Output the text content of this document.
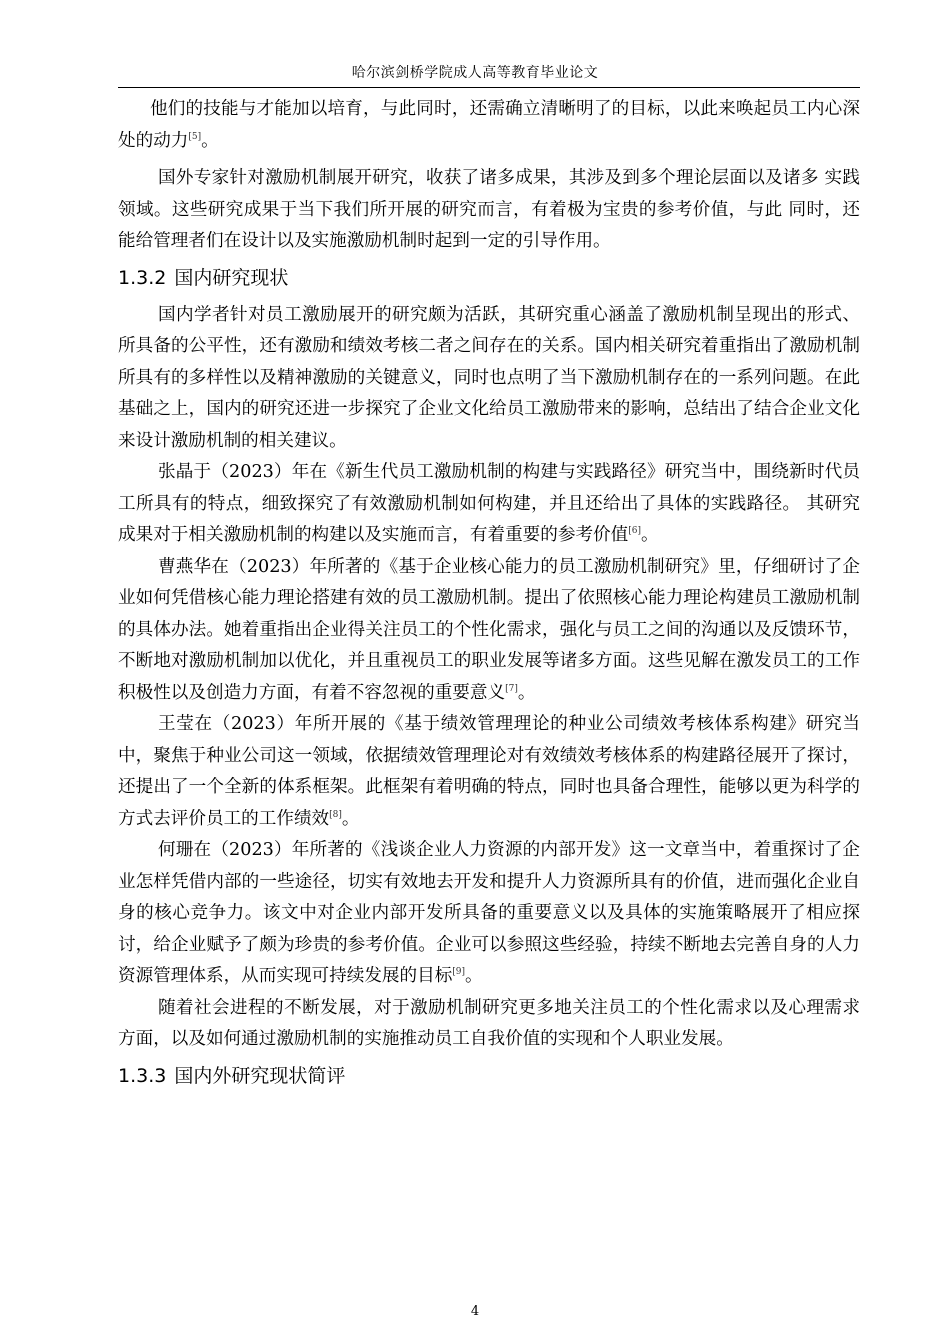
哈尔滨剑桥学院成人高等教育毕业论文

他们的技能与才能加以培育，与此同时，还需确立清晰明了的目标，以此来唤起员工内心深处的动力[5]。

国外专家针对激励机制展开研究，收获了诸多成果，其涉及到多个理论层面以及诸多 实践领域。这些研究成果于当下我们所开展的研究而言，有着极为宝贵的参考价值，与此 同时，还能给管理者们在设计以及实施激励机制时起到一定的引导作用。

1.3.2 国内研究现状

国内学者针对员工激励展开的研究颇为活跃，其研究重心涵盖了激励机制呈现出的形式、所具备的公平性，还有激励和绩效考核二者之间存在的关系。国内相关研究着重指出了激励机制所具有的多样性以及精神激励的关键意义，同时也点明了当下激励机制存在的一系列问题。在此基础之上，国内的研究还进一步探究了企业文化给员工激励带来的影响，总结出了结合企业文化来设计激励机制的相关建议。

张晶于（2023）年在《新生代员工激励机制的构建与实践路径》研究当中，围绕新时代员工所具有的特点，细致探究了有效激励机制如何构建，并且还给出了具体的实践路径。 其研究成果对于相关激励机制的构建以及实施而言，有着重要的参考价值[6]。

曹燕华在（2023）年所著的《基于企业核心能力的员工激励机制研究》里，仔细研讨了企业如何凭借核心能力理论搭建有效的员工激励机制。提出了依照核心能力理论构建员工激励机制的具体办法。她着重指出企业得关注员工的个性化需求，强化与员工之间的沟通以及反馈环节，不断地对激励机制加以优化，并且重视员工的职业发展等诸多方面。这些见解在激发员工的工作积极性以及创造力方面，有着不容忽视的重要意义[7]。

王莹在（2023）年所开展的《基于绩效管理理论的种业公司绩效考核体系构建》研究当中，聚焦于种业公司这一领域，依据绩效管理理论对有效绩效考核体系的构建路径展开了探讨，还提出了一个全新的体系框架。此框架有着明确的特点，同时也具备合理性，能够以更为科学的方式去评价员工的工作绩效[8]。

何珊在（2023）年所著的《浅谈企业人力资源的内部开发》这一文章当中，着重探讨了企业怎样凭借内部的一些途径，切实有效地去开发和提升人力资源所具有的价值，进而强化企业自身的核心竞争力。该文中对企业内部开发所具备的重要意义以及具体的实施策略展开了相应探讨，给企业赋予了颇为珍贵的参考价值。企业可以参照这些经验，持续不断地去完善自身的人力资源管理体系，从而实现可持续发展的目标[9]。

随着社会进程的不断发展，对于激励机制研究更多地关注员工的个性化需求以及心理需求方面，以及如何通过激励机制的实施推动员工自我价值的实现和个人职业发展。

1.3.3 国内外研究现状简评
4
